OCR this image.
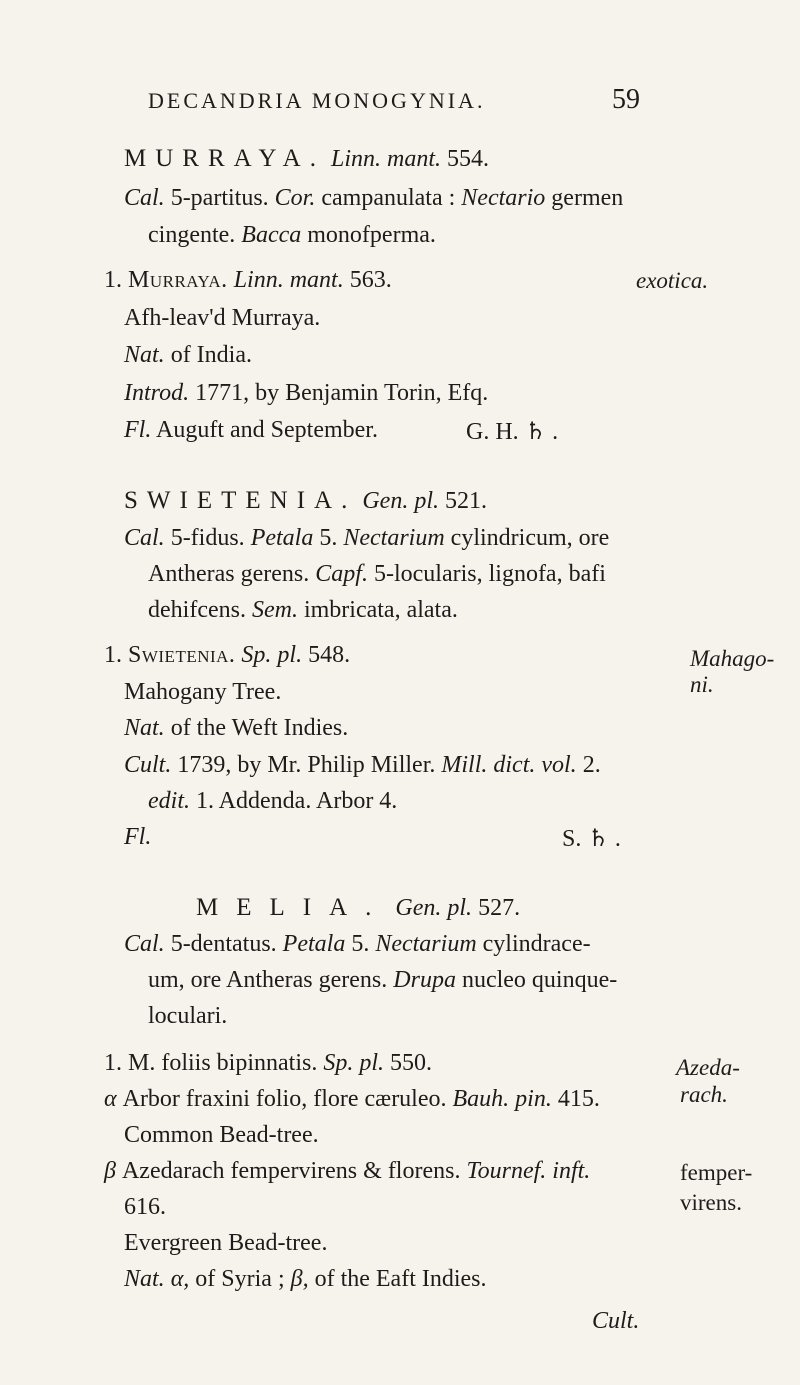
DECANDRIA MONOGYNIA.	59
MURRAYA. Linn. mant. 554.
Cal. 5-partitus. Cor. campanulata : Nectario germen
cingente. Bacca monofperma.
1. Murraya. Linn. mant. 563.	exotica.
Afh-leav'd Murraya.
Nat. of India.
Introd. 1771, by Benjamin Torin, Efq.
Fl. Auguft and September.	G. H. ♄ .
SWIETENIA. Gen. pl. 521.
Cal. 5-fidus. Petala 5. Nectarium cylindricum, ore
Antheras gerens. Capf. 5-locularis, lignofa, bafi
dehifcens. Sem. imbricata, alata.
1. Swietenia. Sp. pl. 548.	Mahago-
ni.
Mahogany Tree.
Nat. of the Weft Indies.
Cult. 1739, by Mr. Philip Miller. Mill. dict. vol. 2.
edit. 1. Addenda. Arbor 4.
Fl.	S. ♄ .
MELIA. Gen. pl. 527.
Cal. 5-dentatus. Petala 5. Nectarium cylindrace-
um, ore Antheras gerens. Drupa nucleo quinque-
loculari.
1. M. foliis bipinnatis. Sp. pl. 550.	Azeda-
rach.
α Arbor fraxini folio, flore cæruleo. Bauh. pin. 415.
Common Bead-tree.
β Azedarach fempervirens & florens. Tournef. inft.	femper-
616.	virens.
Evergreen Bead-tree.
Nat. α, of Syria ; β, of the Eaft Indies.
Cult.
